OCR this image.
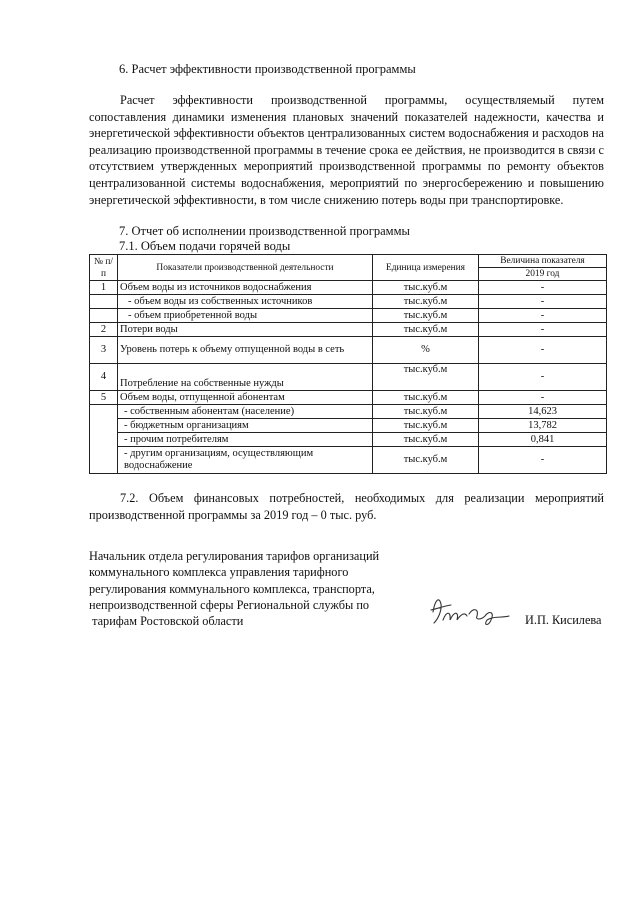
6. Расчет эффективности производственной программы
Расчет эффективности производственной программы, осуществляемый путем сопоставления динамики изменения плановых значений показателей надежности, качества и энергетической эффективности объектов централизованных систем водоснабжения и расходов на реализацию производственной программы в течение срока ее действия, не производится в связи с отсутствием утвержденных мероприятий производственной программы по ремонту объектов централизованной системы водоснабжения, мероприятий по энергосбережению и повышению энергетической эффективности, в том числе снижению потерь воды при транспортировке.
7. Отчет об исполнении производственной программы
7.1. Объем подачи горячей воды
№ п/п	Показатели производственной деятельности	Единица измерения	Величина показателя
			2019 год
1	Объем воды из источников водоснабжения	тыс.куб.м	-
	- объем воды из собственных источников	тыс.куб.м	-
	- объем приобретенной воды	тыс.куб.м	-
2	Потери воды	тыс.куб.м	-
3	Уровень потерь к объему отпущенной воды в сеть	%	-
4	Потребление на собственные нужды	тыс.куб.м	-
5	Объем воды, отпущенной абонентам	тыс.куб.м	-
	- собственным абонентам (население)	тыс.куб.м	14,623
	- бюджетным организациям	тыс.куб.м	13,782
	- прочим потребителям	тыс.куб.м	0,841
	- другим организациям, осуществляющим водоснабжение	тыс.куб.м	-
7.2. Объем финансовых потребностей, необходимых для реализации мероприятий производственной программы за 2019 год – 0 тыс. руб.
Начальник отдела регулирования тарифов организаций
коммунального комплекса управления тарифного
регулирования коммунального комплекса, транспорта,
непроизводственной сферы Региональной службы по
тарифам Ростовской области	И.П. Кисилева
